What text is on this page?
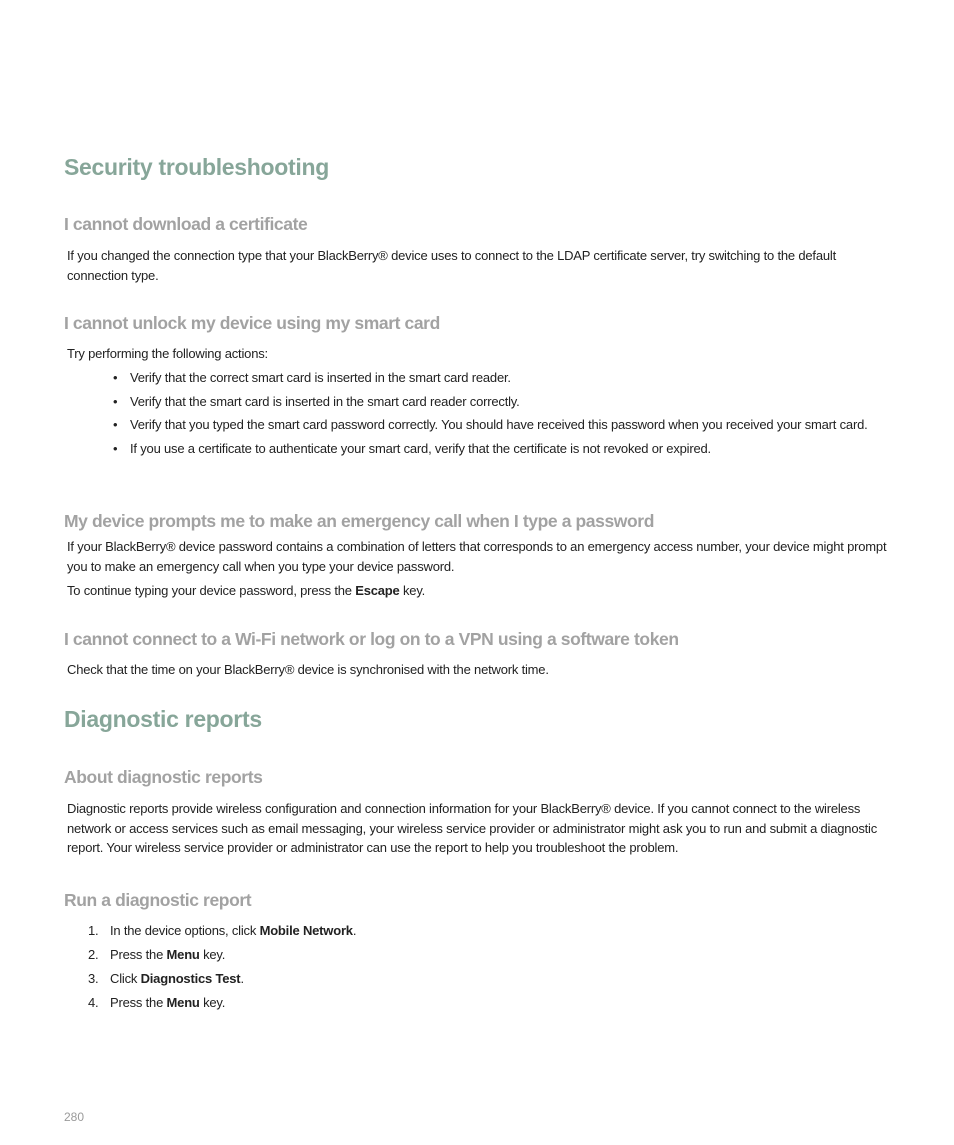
Security troubleshooting
I cannot download a certificate

If you changed the connection type that your BlackBerry® device uses to connect to the LDAP certificate server, try switching to the default connection type.

I cannot unlock my device using my smart card

Try performing the following actions:

• Verify that the correct smart card is inserted in the smart card reader.
• Verify that the smart card is inserted in the smart card reader correctly.
• Verify that you typed the smart card password correctly. You should have received this password when you received your smart card.
• If you use a certificate to authenticate your smart card, verify that the certificate is not revoked or expired.
My device prompts me to make an emergency call when I type a password

If your BlackBerry® device password contains a combination of letters that corresponds to an emergency access number, your device might prompt you to make an emergency call when you type your device password.

To continue typing your device password, press the Escape key.

I cannot connect to a Wi-Fi network or log on to a VPN using a software token

Check that the time on your BlackBerry® device is synchronised with the network time.

Diagnostic reports
About diagnostic reports

Diagnostic reports provide wireless configuration and connection information for your BlackBerry® device. If you cannot connect to the wireless network or access services such as email messaging, your wireless service provider or administrator might ask you to run and submit a diagnostic report. Your wireless service provider or administrator can use the report to help you troubleshoot the problem.

Run a diagnostic report
1. In the device options, click Mobile Network.
2. Press the Menu key.
3. Click Diagnostics Test.
4. Press the Menu key.
280
